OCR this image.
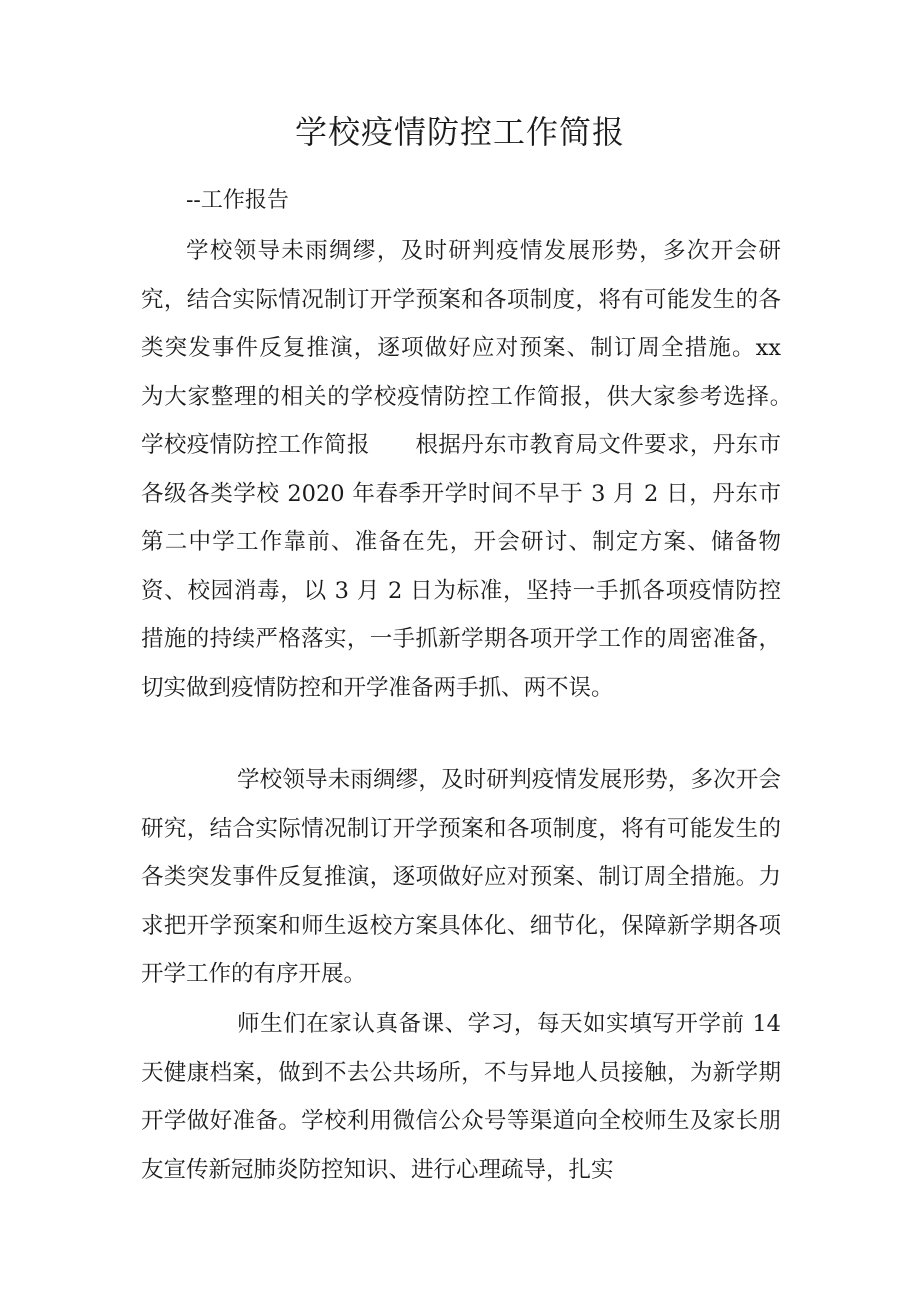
学校疫情防控工作简报
--工作报告

学校领导未雨绸缪，及时研判疫情发展形势，多次开会研究，结合实际情况制订开学预案和各项制度，将有可能发生的各类突发事件反复推演，逐项做好应对预案、制订周全措施。xx 为大家整理的相关的学校疫情防控工作简报，供大家参考选择。　　学校疫情防控工作简报　　根据丹东市教育局文件要求，丹东市各级各类学校 2020 年春季开学时间不早于 3 月 2 日，丹东市第二中学工作靠前、准备在先，开会研讨、制定方案、储备物资、校园消毒，以 3 月 2 日为标准，坚持一手抓各项疫情防控措施的持续严格落实，一手抓新学期各项开学工作的周密准备，切实做到疫情防控和开学准备两手抓、两不误。

学校领导未雨绸缪，及时研判疫情发展形势，多次开会研究，结合实际情况制订开学预案和各项制度，将有可能发生的各类突发事件反复推演，逐项做好应对预案、制订周全措施。力求把开学预案和师生返校方案具体化、细节化，保障新学期各项开学工作的有序开展。

师生们在家认真备课、学习，每天如实填写开学前 14 天健康档案，做到不去公共场所，不与异地人员接触，为新学期开学做好准备。学校利用微信公众号等渠道向全校师生及家长朋友宣传新冠肺炎防控知识、进行心理疏导，扎实
